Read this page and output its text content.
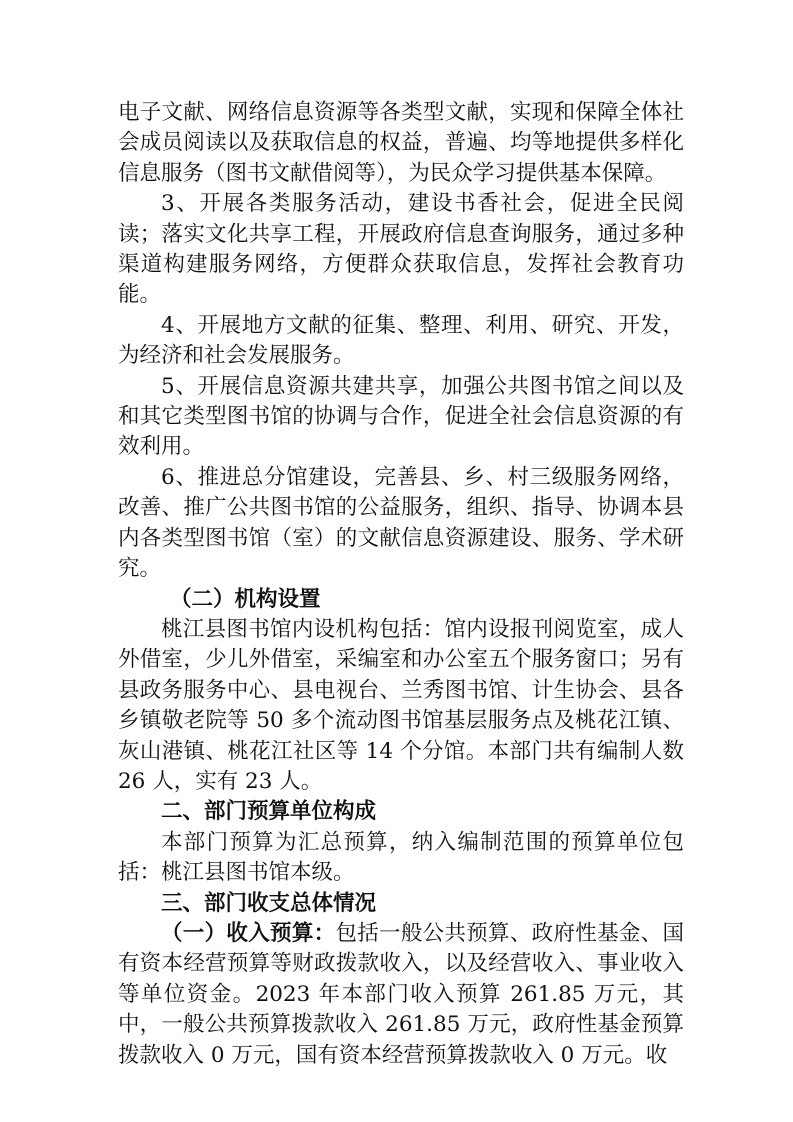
电子文献、网络信息资源等各类型文献，实现和保障全体社会成员阅读以及获取信息的权益，普遍、均等地提供多样化信息服务（图书文献借阅等），为民众学习提供基本保障。

3、开展各类服务活动，建设书香社会，促进全民阅读；落实文化共享工程，开展政府信息查询服务，通过多种渠道构建服务网络，方便群众获取信息，发挥社会教育功能。

4、开展地方文献的征集、整理、利用、研究、开发，为经济和社会发展服务。

5、开展信息资源共建共享，加强公共图书馆之间以及和其它类型图书馆的协调与合作，促进全社会信息资源的有效利用。

6、推进总分馆建设，完善县、乡、村三级服务网络，改善、推广公共图书馆的公益服务，组织、指导、协调本县内各类型图书馆（室）的文献信息资源建设、服务、学术研究。

（二）机构设置

桃江县图书馆内设机构包括：馆内设报刊阅览室，成人外借室，少儿外借室，采编室和办公室五个服务窗口；另有县政务服务中心、县电视台、兰秀图书馆、计生协会、县各乡镇敬老院等 50 多个流动图书馆基层服务点及桃花江镇、灰山港镇、桃花江社区等 14 个分馆。本部门共有编制人数 26 人，实有 23 人。

二、部门预算单位构成

本部门预算为汇总预算，纳入编制范围的预算单位包括：桃江县图书馆本级。

三、部门收支总体情况

（一）收入预算：包括一般公共预算、政府性基金、国有资本经营预算等财政拨款收入，以及经营收入、事业收入等单位资金。2023 年本部门收入预算 261.85 万元，其中，一般公共预算拨款收入 261.85 万元，政府性基金预算拨款收入 0 万元，国有资本经营预算拨款收入 0 万元。收
